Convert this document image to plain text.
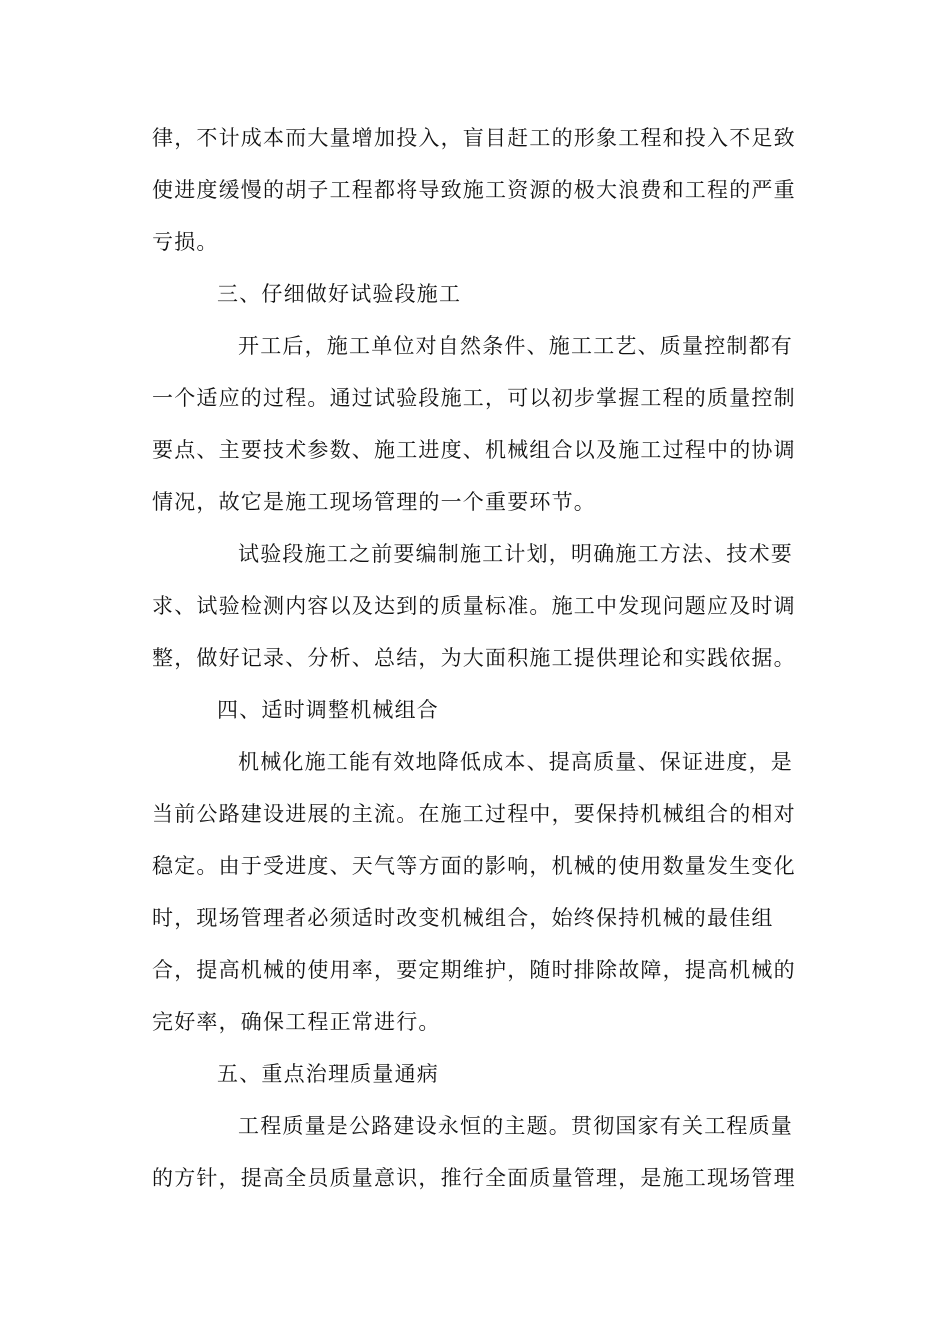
律，不计成本而大量增加投入，盲目赶工的形象工程和投入不足致
使进度缓慢的胡子工程都将导致施工资源的极大浪费和工程的严重
亏损。
三、仔细做好试验段施工
开工后，施工单位对自然条件、施工工艺、质量控制都有
一个适应的过程。通过试验段施工，可以初步掌握工程的质量控制
要点、主要技术参数、施工进度、机械组合以及施工过程中的协调
情况，故它是施工现场管理的一个重要环节。
试验段施工之前要编制施工计划，明确施工方法、技术要
求、试验检测内容以及达到的质量标准。施工中发现问题应及时调
整，做好记录、分析、总结，为大面积施工提供理论和实践依据。
四、适时调整机械组合
机械化施工能有效地降低成本、提高质量、保证进度，是
当前公路建设进展的主流。在施工过程中，要保持机械组合的相对
稳定。由于受进度、天气等方面的影响，机械的使用数量发生变化
时，现场管理者必须适时改变机械组合，始终保持机械的最佳组
合，提高机械的使用率，要定期维护，随时排除故障，提高机械的
完好率，确保工程正常进行。
五、重点治理质量通病
工程质量是公路建设永恒的主题。贯彻国家有关工程质量
的方针，提高全员质量意识，推行全面质量管理，是施工现场管理
